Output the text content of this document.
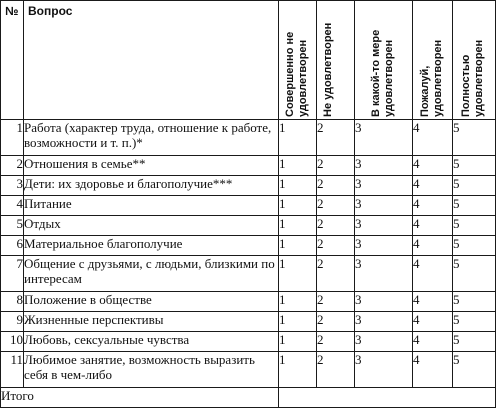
№	Вопрос	Совершенно не удовлетворен	Не удовлетворен	В какой-то мере удовлетворен	Пожалуй, удовлетворен	Полностью удовлетворен

1	Работа (характер труда, отношение к работе, возможности и т. п.)*	1	2	3	4	5
2	Отношения в семье**	1	2	3	4	5
3	Дети: их здоровье и благополучие***	1	2	3	4	5
4	Питание	1	2	3	4	5
5	Отдых	1	2	3	4	5
6	Материальное благополучие	1	2	3	4	5
7	Общение с друзьями, с людьми, близкими по интересам	1	2	3	4	5
8	Положение в обществе	1	2	3	4	5
9	Жизненные перспективы	1	2	3	4	5
10	Любовь, сексуальные чувства	1	2	3	4	5
11	Любимое занятие, возможность выразить себя в чем-либо	1	2	3	4	5
Итого						
